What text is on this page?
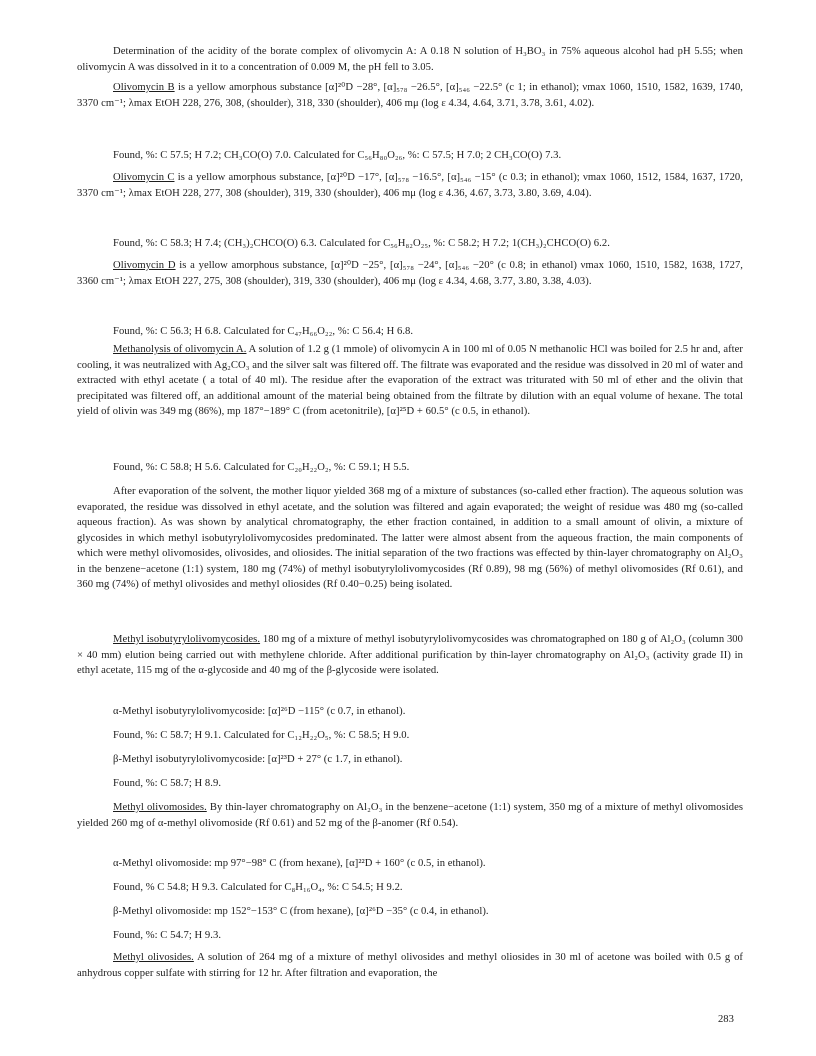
Determination of the acidity of the borate complex of olivomycin A: A 0.18 N solution of H₃BO₃ in 75% aqueous alcohol had pH 5.55; when olivomycin A was dissolved in it to a concentration of 0.009 M, the pH fell to 3.05.

Olivomycin B is a yellow amorphous substance [α]²⁰D −28°, [α]₅₇₈ −26.5°, [α]₅₄₆ −22.5° (c 1; in ethanol); νmax 1060, 1510, 1582, 1639, 1740, 3370 cm⁻¹; λmax EtOH 228, 276, 308, (shoulder), 318, 330 (shoulder), 406 mμ (log ε 4.34, 4.64, 3.71, 3.78, 3.61, 4.02).

Found, %: C 57.5; H 7.2; CH₃CO(O) 7.0. Calculated for C₅₆H₈₀O₂₆, %: C 57.5; H 7.0; 2 CH₃CO(O) 7.3.

Olivomycin C is a yellow amorphous substance, [α]²⁰D −17°, [α]₅₇₈ −16.5°, [α]₅₄₆ −15° (c 0.3; in ethanol); νmax 1060, 1512, 1584, 1637, 1720, 3370 cm⁻¹; λmax EtOH 228, 277, 308 (shoulder), 319, 330 (shoulder), 406 mμ (log ε 4.36, 4.67, 3.73, 3.80, 3.69, 4.04).

Found, %: C 58.3; H 7.4; (CH₃)₂CHCO(O) 6.3. Calculated for C₅₆H₈₂O₂₅, %: C 58.2; H 7.2; 1(CH₃)₂CHCO(O) 6.2.

Olivomycin D is a yellow amorphous substance, [α]²⁰D −25°, [α]₅₇₈ −24°, [α]₅₄₆ −20° (c 0.8; in ethanol) νmax 1060, 1510, 1582, 1638, 1727, 3360 cm⁻¹; λmax EtOH 227, 275, 308 (shoulder), 319, 330 (shoulder), 406 mμ (log ε 4.34, 4.68, 3.77, 3.80, 3.38, 4.03).

Found, %: C 56.3; H 6.8. Calculated for C₄₇H₆₆O₂₂, %: C 56.4; H 6.8.

Methanolysis of olivomycin A. A solution of 1.2 g (1 mmole) of olivomycin A in 100 ml of 0.05 N methanolic HCl was boiled for 2.5 hr and, after cooling, it was neutralized with Ag₂CO₃ and the silver salt was filtered off. The filtrate was evaporated and the residue was dissolved in 20 ml of water and extracted with ethyl acetate ( a total of 40 ml). The residue after the evaporation of the extract was triturated with 50 ml of ether and the olivin that precipitated was filtered off, an additional amount of the material being obtained from the filtrate by dilution with an equal volume of hexane. The total yield of olivin was 349 mg (86%), mp 187°−189° C (from acetonitrile), [α]²⁵D + 60.5° (c 0.5, in ethanol).

Found, %: C 58.8; H 5.6. Calculated for C₂₀H₂₂O₂, %: C 59.1; H 5.5.

After evaporation of the solvent, the mother liquor yielded 368 mg of a mixture of substances (so-called ether fraction). The aqueous solution was evaporated, the residue was dissolved in ethyl acetate, and the solution was filtered and again evaporated; the weight of residue was 480 mg (so-called aqueous fraction). As was shown by analytical chromatography, the ether fraction contained, in addition to a small amount of olivin, a mixture of glycosides in which methyl isobutyrylolivomycosides predominated. The latter were almost absent from the aqueous fraction, the main components of which were methyl olivomosides, olivosides, and oliosides. The initial separation of the two fractions was effected by thin-layer chromatography on Al₂O₃ in the benzene−acetone (1:1) system, 180 mg (74%) of methyl isobutyrylolivomycosides (Rf 0.89), 98 mg (56%) of methyl olivomosides (Rf 0.61), and 360 mg (74%) of methyl olivosides and methyl oliosides (Rf 0.40−0.25) being isolated.

Methyl isobutyrylolivomycosides. 180 mg of a mixture of methyl isobutyrylolivomycosides was chromatographed on 180 g of Al₂O₃ (column 300 × 40 mm) elution being carried out with methylene chloride. After additional purification by thin-layer chromatography on Al₂O₃ (activity grade II) in ethyl acetate, 115 mg of the α-glycoside and 40 mg of the β-glycoside were isolated.

α-Methyl isobutyrylolivomycoside: [α]²⁶D −115° (c 0.7, in ethanol).

Found, %: C 58.7; H 9.1. Calculated for C₁₂H₂₂O₅, %: C 58.5; H 9.0.

β-Methyl isobutyrylolivomycoside: [α]²³D + 27° (c 1.7, in ethanol).

Found, %: C 58.7; H 8.9.

Methyl olivomosides. By thin-layer chromatography on Al₂O₃ in the benzene−acetone (1:1) system, 350 mg of a mixture of methyl olivomosides yielded 260 mg of α-methyl olivomoside (Rf 0.61) and 52 mg of the β-anomer (Rf 0.54).

α-Methyl olivomoside: mp 97°−98° C (from hexane), [α]²²D + 160° (c 0.5, in ethanol).

Found, % C 54.8; H 9.3. Calculated for C₈H₁₆O₄, %: C 54.5; H 9.2.

β-Methyl olivomoside: mp 152°−153° C (from hexane), [α]²⁶D −35° (c 0.4, in ethanol).

Found, %: C 54.7; H 9.3.

Methyl olivosides. A solution of 264 mg of a mixture of methyl olivosides and methyl oliosides in 30 ml of acetone was boiled with 0.5 g of anhydrous copper sulfate with stirring for 12 hr. After filtration and evaporation, the

283
